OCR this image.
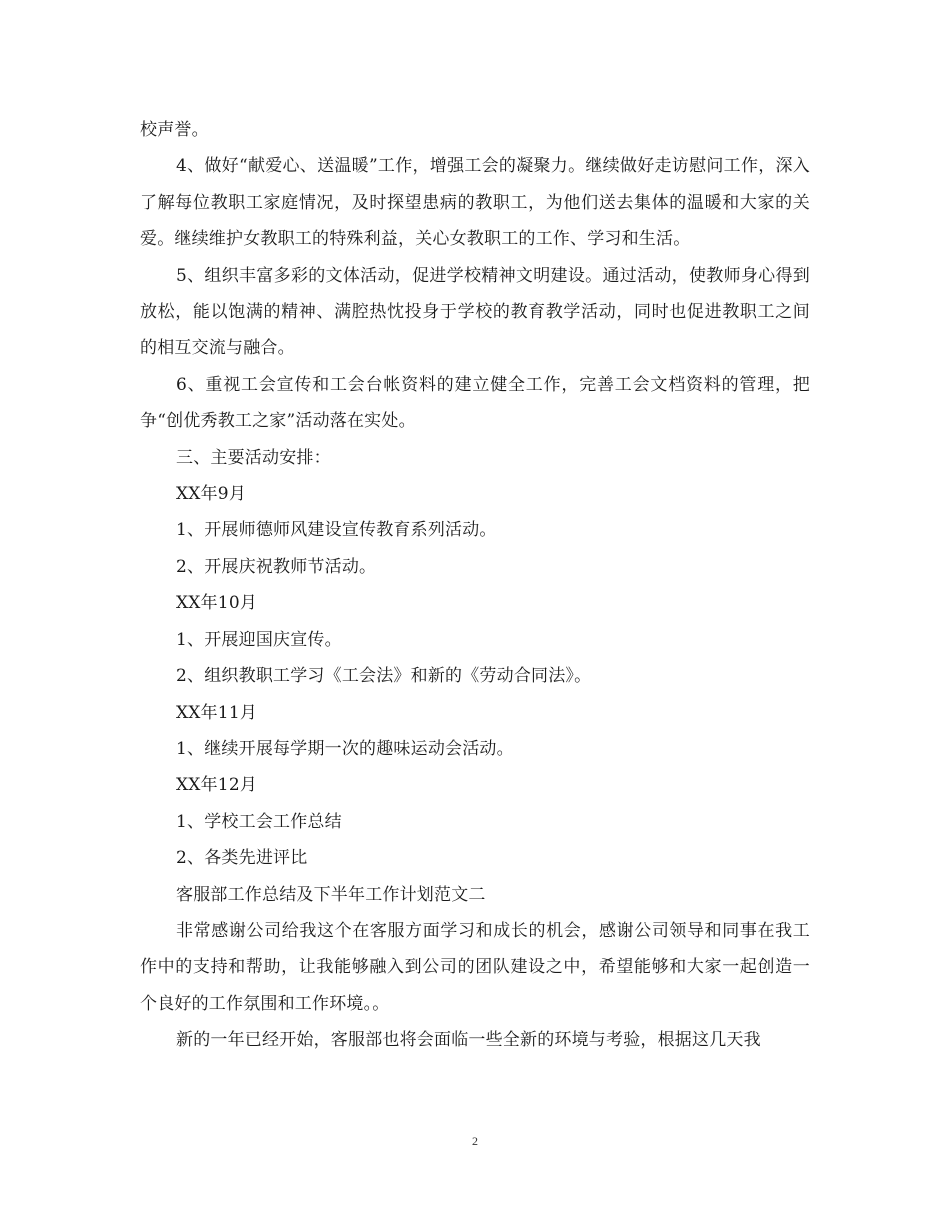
校声誉。

4、做好“献爱心、送温暖”工作，增强工会的凝聚力。继续做好走访慰问工作，深入了解每位教职工家庭情况，及时探望患病的教职工，为他们送去集体的温暖和大家的关爱。继续维护女教职工的特殊利益，关心女教职工的工作、学习和生活。

5、组织丰富多彩的文体活动，促进学校精神文明建设。通过活动，使教师身心得到放松，能以饱满的精神、满腔热忱投身于学校的教育教学活动，同时也促进教职工之间的相互交流与融合。

6、重视工会宣传和工会台帐资料的建立健全工作，完善工会文档资料的管理，把争“创优秀教工之家”活动落在实处。

三、主要活动安排：

XX年9月

1、开展师德师风建设宣传教育系列活动。

2、开展庆祝教师节活动。

XX年10月

1、开展迎国庆宣传。

2、组织教职工学习《工会法》和新的《劳动合同法》。

XX年11月

1、继续开展每学期一次的趣味运动会活动。

XX年12月

1、学校工会工作总结

2、各类先进评比

客服部工作总结及下半年工作计划范文二

非常感谢公司给我这个在客服方面学习和成长的机会，感谢公司领导和同事在我工作中的支持和帮助，让我能够融入到公司的团队建设之中，希望能够和大家一起创造一个良好的工作氛围和工作环境。。

新的一年已经开始，客服部也将会面临一些全新的环境与考验，根据这几天我

2
